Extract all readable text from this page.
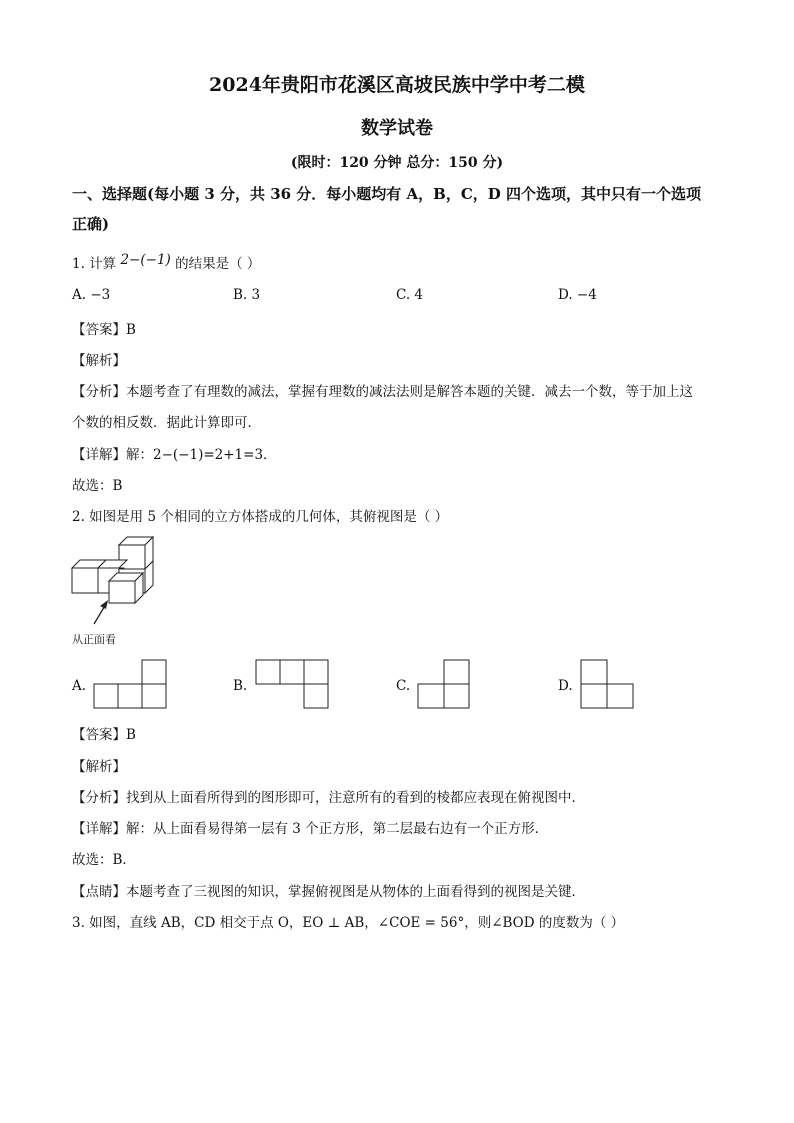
2024年贵阳市花溪区高坡民族中学中考二模
数学试卷
(限时：120 分钟 总分：150 分)
一、选择题(每小题 3 分，共 36 分．每小题均有 A，B，C，D 四个选项，其中只有一个选项
正确)
1. 计算 2−(−1) 的结果是（ ）
A. −3	B. 3	C. 4	D. −4
【答案】B
【解析】
【分析】本题考查了有理数的减法，掌握有理数的减法法则是解答本题的关键．减去一个数，等于加上这
个数的相反数．据此计算即可．
【详解】解：2−(−1)=2+1=3．
故选：B
2. 如图是用 5 个相同的立方体搭成的几何体，其俯视图是（ ）
从正面看
A.	B.	C.	D.
【答案】B
【解析】
【分析】找到从上面看所得到的图形即可，注意所有的看到的棱都应表现在俯视图中．
【详解】解：从上面看易得第一层有 3 个正方形，第二层最右边有一个正方形．
故选：B．
【点睛】本题考查了三视图的知识，掌握俯视图是从物体的上面看得到的视图是关键．
3. 如图，直线 AB，CD 相交于点 O，EO ⊥ AB，∠COE = 56°，则∠BOD 的度数为（ ）
